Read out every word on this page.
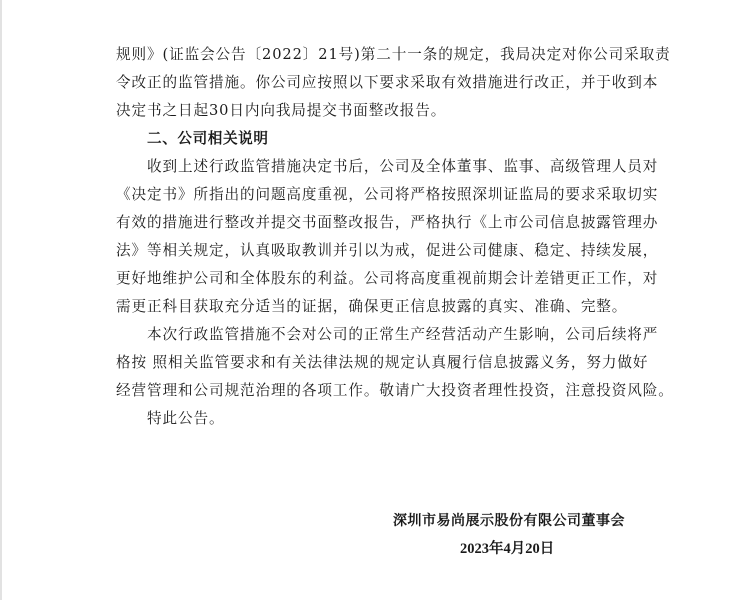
规则》(证监会公告〔2022〕21号)第二十一条的规定，我局决定对你公司采取责
令改正的监管措施。你公司应按照以下要求采取有效措施进行改正，并于收到本
决定书之日起30日内向我局提交书面整改报告。
二、公司相关说明
收到上述行政监管措施决定书后，公司及全体董事、监事、高级管理人员对
《决定书》所指出的问题高度重视，公司将严格按照深圳证监局的要求采取切实
有效的措施进行整改并提交书面整改报告，严格执行《上市公司信息披露管理办
法》等相关规定，认真吸取教训并引以为戒，促进公司健康、稳定、持续发展，
更好地维护公司和全体股东的利益。公司将高度重视前期会计差错更正工作，对
需更正科目获取充分适当的证据，确保更正信息披露的真实、准确、完整。
本次行政监管措施不会对公司的正常生产经营活动产生影响，公司后续将严
格按 照相关监管要求和有关法律法规的规定认真履行信息披露义务，努力做好
经营管理和公司规范治理的各项工作。敬请广大投资者理性投资，注意投资风险。
特此公告。
深圳市易尚展示股份有限公司董事会
2023年4月20日
